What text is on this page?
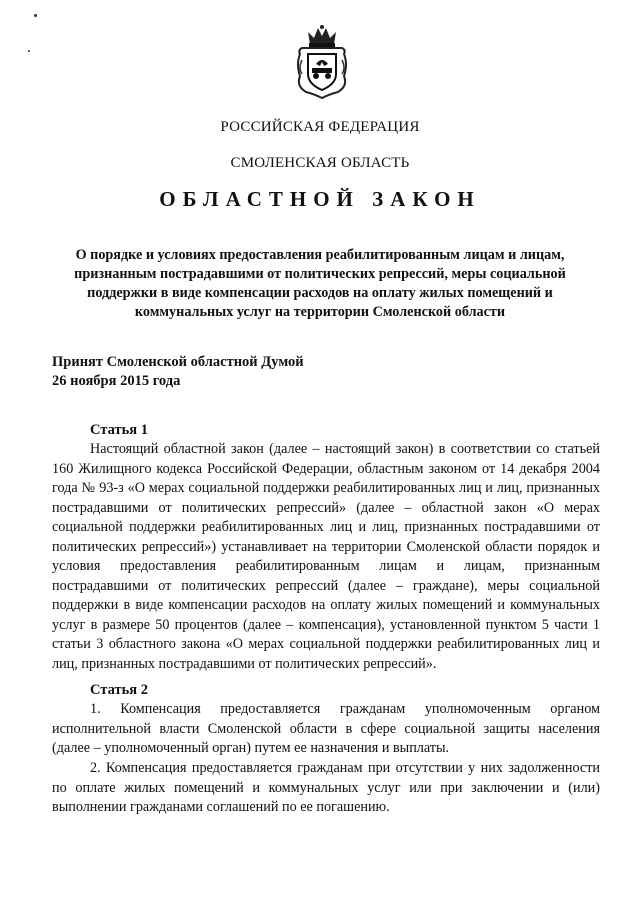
РОССИЙСКАЯ ФЕДЕРАЦИЯ
СМОЛЕНСКАЯ ОБЛАСТЬ
ОБЛАСТНОЙ ЗАКОН
О порядке и условиях предоставления реабилитированным лицам и лицам, признанным пострадавшими от политических репрессий, меры социальной поддержки в виде компенсации расходов на оплату жилых помещений и коммунальных услуг на территории Смоленской области
Принят Смоленской областной Думой
26 ноября 2015 года
Статья 1
Настоящий областной закон (далее – настоящий закон) в соответствии со статьей 160 Жилищного кодекса Российской Федерации, областным законом от 14 декабря 2004 года № 93-з «О мерах социальной поддержки реабилитированных лиц и лиц, признанных пострадавшими от политических репрессий» (далее – областной закон «О мерах социальной поддержки реабилитированных лиц и лиц, признанных пострадавшими от политических репрессий») устанавливает на территории Смоленской области порядок и условия предоставления реабилитированным лицам и лицам, признанным пострадавшими от политических репрессий (далее – граждане), меры социальной поддержки в виде компенсации расходов на оплату жилых помещений и коммунальных услуг в размере 50 процентов (далее – компенсация), установленной пунктом 5 части 1 статьи 3 областного закона «О мерах социальной поддержки реабилитированных лиц и лиц, признанных пострадавшими от политических репрессий».
Статья 2
1. Компенсация предоставляется гражданам уполномоченным органом исполнительной власти Смоленской области в сфере социальной защиты населения (далее – уполномоченный орган) путем ее назначения и выплаты.
2. Компенсация предоставляется гражданам при отсутствии у них задолженности по оплате жилых помещений и коммунальных услуг или при заключении и (или) выполнении гражданами соглашений по ее погашению.
